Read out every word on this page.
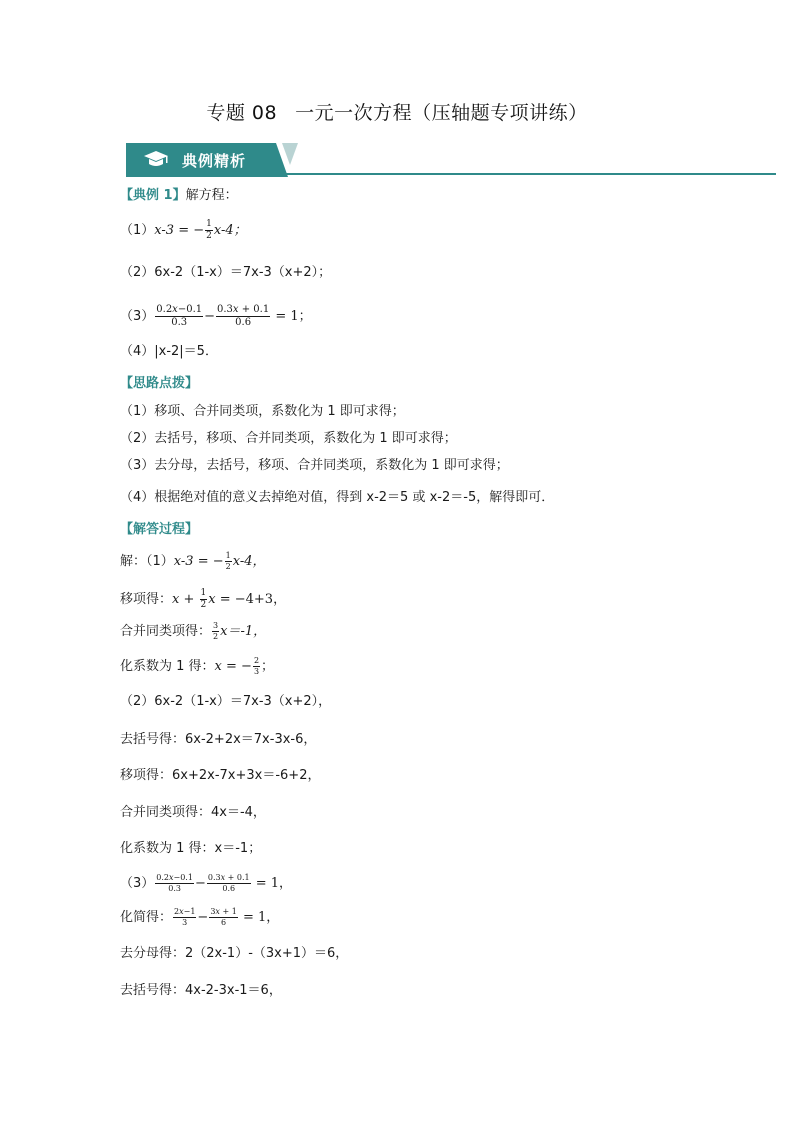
专题 08 一元一次方程（压轴题专项讲练）
典例精析
【典例 1】解方程：
（1）x-3 = − $\frac{1}{2} x-4$；
（2）6x-2（1-x）＝7x-3（x+2）；
$(3) \frac{\text{0.2𝑥−0.1}}{0.3} - \frac{\text{0.3𝑥 + 0.1}}{0.6} = 1$；
（4）|x-2|＝5．
【思路点拨】
（1）移项、合并同类项，系数化为 1 即可求得；
（2）去括号，移项、合并同类项，系数化为 1 即可求得；
（3）去分母，去括号，移项、合并同类项，系数化为 1 即可求得；
（4）根据绝对值的意义去掉绝对值，得到 x-2＝5 或 x-2＝-5，解得即可．
【解答过程】
解：（1）x-3 = − $\frac{1}{2} x-4$，
移项得：𝑥 + $\frac{1}{2}$ 𝑥 = −4+3，
合并同类项得： $\frac{3}{2} x=-1$，
化系数为 1 得：𝑥 = − $\frac{2}{3}$ ；
（2）6x-2（1-x）＝7x-3（x+2），
去括号得：6x-2+2x＝7x-3x-6，
移项得：6x+2x-7x+3x＝-6+2，
合并同类项得：4x＝-4，
化系数为 1 得：x＝-1；
$(3) \frac{\text{0.2𝑥−0.1}}{0.3} - \frac{\text{0.3𝑥 + 0.1}}{0.6} = 1$，
化简得： $\frac{\text{2𝑥−1}}{3} - \frac{\text{3𝑥 + 1}}{6} = 1$，
去分母得：2（2x-1）-（3x+1）＝6，
去括号得：4x-2-3x-1＝6，
